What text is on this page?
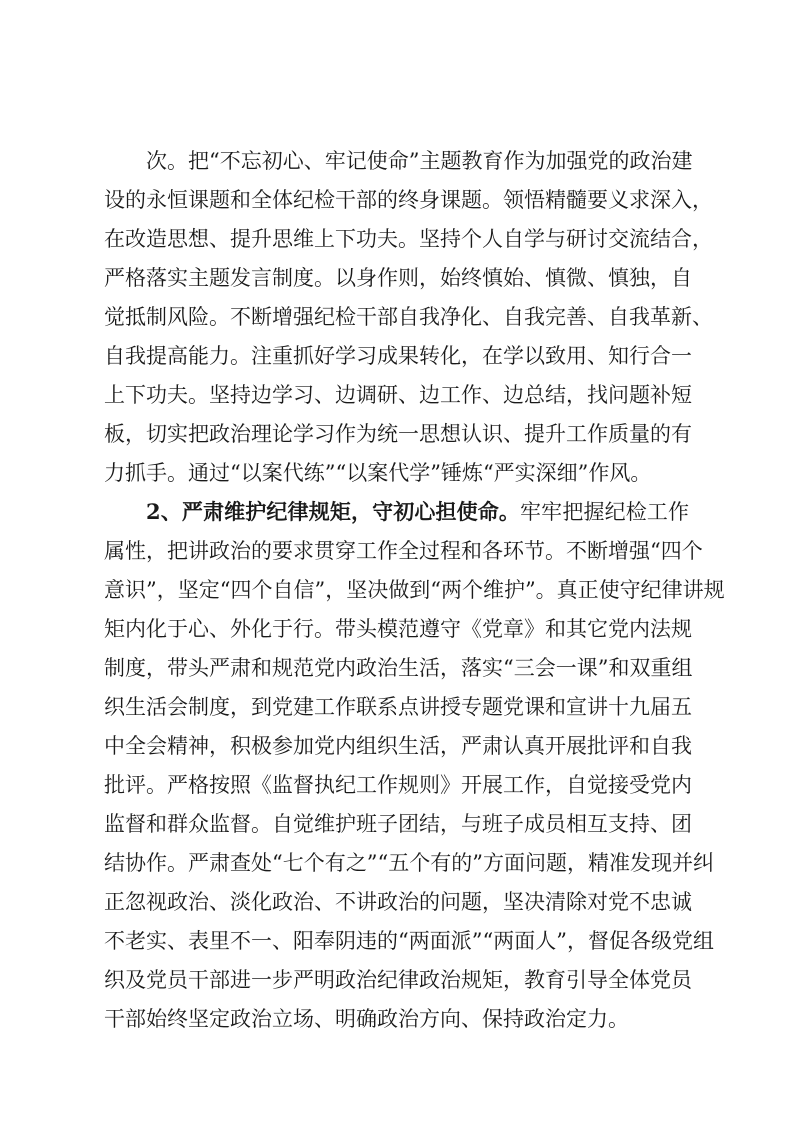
次。把“不忘初心、牢记使命”主题教育作为加强党的政治建
设的永恒课题和全体纪检干部的终身课题。领悟精髓要义求深入，
在改造思想、提升思维上下功夫。坚持个人自学与研讨交流结合，
严格落实主题发言制度。以身作则，始终慎始、慎微、慎独，自
觉抵制风险。不断增强纪检干部自我净化、自我完善、自我革新、
自我提高能力。注重抓好学习成果转化，在学以致用、知行合一
上下功夫。坚持边学习、边调研、边工作、边总结，找问题补短
板，切实把政治理论学习作为统一思想认识、提升工作质量的有
力抓手。通过“以案代练”“以案代学”锤炼“严实深细”作风。
2、严肃维护纪律规矩，守初心担使命。牢牢把握纪检工作
属性，把讲政治的要求贯穿工作全过程和各环节。不断增强“四个
意识”，坚定“四个自信”，坚决做到“两个维护”。真正使守纪律讲规
矩内化于心、外化于行。带头模范遵守《党章》和其它党内法规
制度，带头严肃和规范党内政治生活，落实“三会一课”和双重组
织生活会制度，到党建工作联系点讲授专题党课和宣讲十九届五
中全会精神，积极参加党内组织生活，严肃认真开展批评和自我
批评。严格按照《监督执纪工作规则》开展工作，自觉接受党内
监督和群众监督。自觉维护班子团结，与班子成员相互支持、团
结协作。严肃查处“七个有之”“五个有的”方面问题，精准发现并纠
正忽视政治、淡化政治、不讲政治的问题，坚决清除对党不忠诚
不老实、表里不一、阳奉阴违的“两面派”“两面人”，督促各级党组
织及党员干部进一步严明政治纪律政治规矩，教育引导全体党员
干部始终坚定政治立场、明确政治方向、保持政治定力。
